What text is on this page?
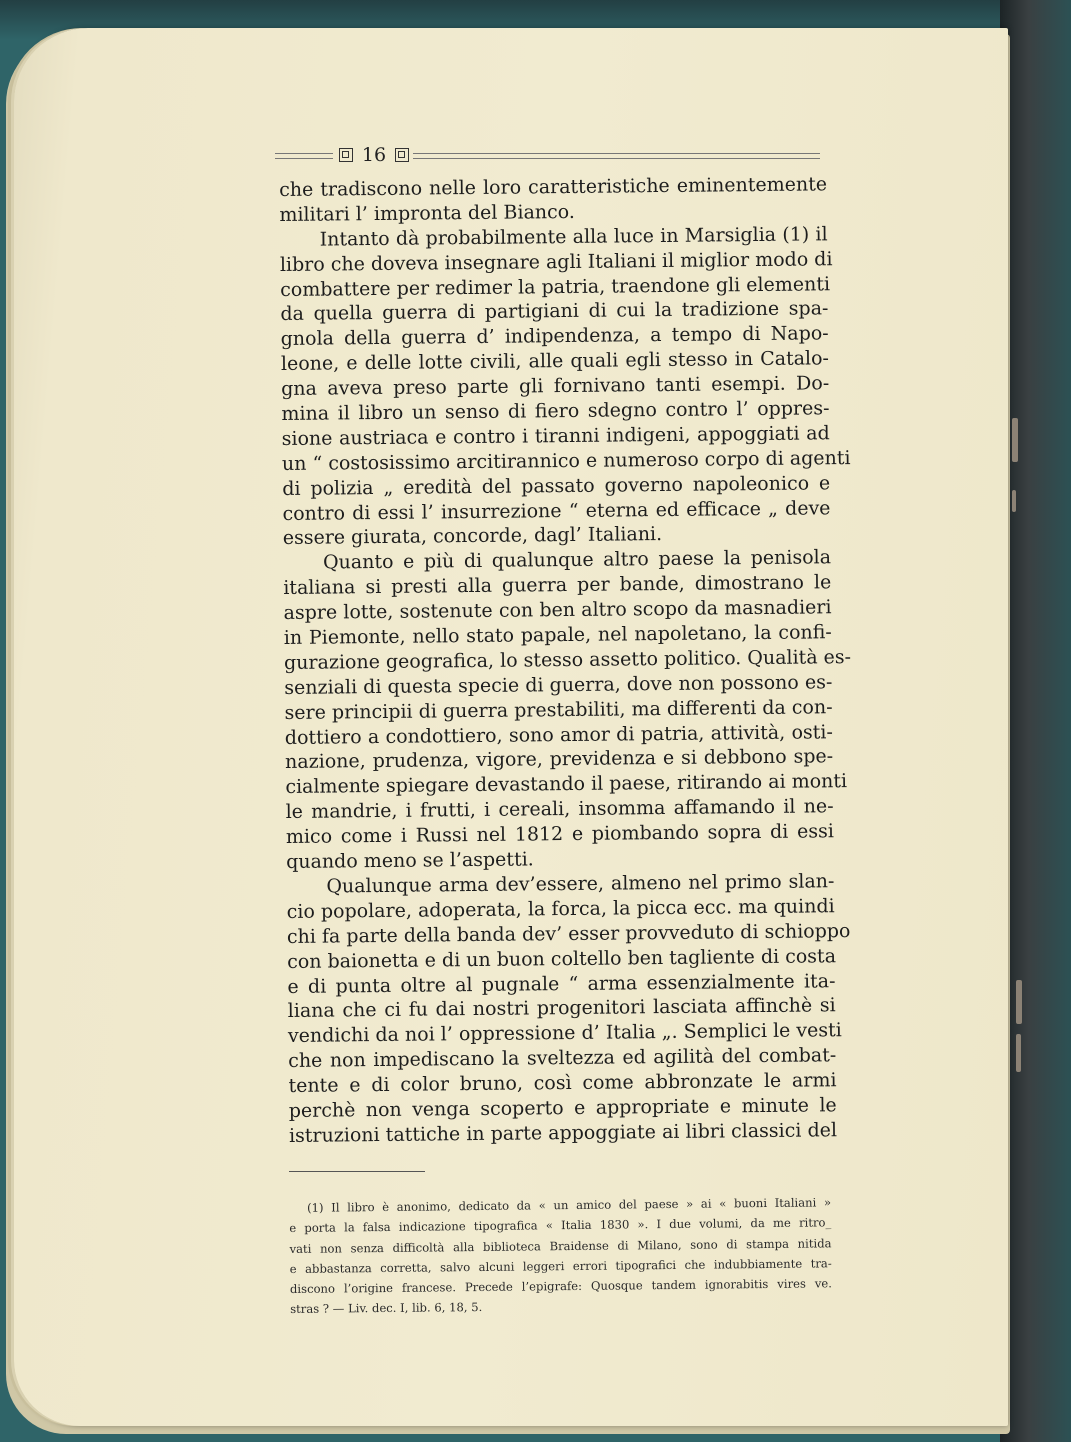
16
che tradiscono nelle loro caratteristiche eminentemente
militari l’ impronta del Bianco.
Intanto dà probabilmente alla luce in Marsiglia (1) il
libro che doveva insegnare agli Italiani il miglior modo di
combattere per redimer la patria, traendone gli elementi
da quella guerra di partigiani di cui la tradizione spa-
gnola della guerra d’ indipendenza, a tempo di Napo-
leone, e delle lotte civili, alle quali egli stesso in Catalo-
gna aveva preso parte gli fornivano tanti esempi. Do-
mina il libro un senso di fiero sdegno contro l’ oppres-
sione austriaca e contro i tiranni indigeni, appoggiati ad
un “ costosissimo arcitirannico e numeroso corpo di agenti
di polizia „ eredità del passato governo napoleonico e
contro di essi l’ insurrezione “ eterna ed efficace „ deve
essere giurata, concorde, dagl’ Italiani.
Quanto e più di qualunque altro paese la penisola
italiana si presti alla guerra per bande, dimostrano le
aspre lotte, sostenute con ben altro scopo da masnadieri
in Piemonte, nello stato papale, nel napoletano, la confi-
gurazione geografica, lo stesso assetto politico. Qualità es-
senziali di questa specie di guerra, dove non possono es-
sere principii di guerra prestabiliti, ma differenti da con-
dottiero a condottiero, sono amor di patria, attività, osti-
nazione, prudenza, vigore, previdenza e si debbono spe-
cialmente spiegare devastando il paese, ritirando ai monti
le mandrie, i frutti, i cereali, insomma affamando il ne-
mico come i Russi nel 1812 e piombando sopra di essi
quando meno se l’aspetti.
Qualunque arma dev’essere, almeno nel primo slan-
cio popolare, adoperata, la forca, la picca ecc. ma quindi
chi fa parte della banda dev’ esser provveduto di schioppo
con baionetta e di un buon coltello ben tagliente di costa
e di punta oltre al pugnale “ arma essenzialmente ita-
liana che ci fu dai nostri progenitori lasciata affinchè si
vendichi da noi l’ oppressione d’ Italia „. Semplici le vesti
che non impediscano la sveltezza ed agilità del combat-
tente e di color bruno, così come abbronzate le armi
perchè non venga scoperto e appropriate e minute le
istruzioni tattiche in parte appoggiate ai libri classici del
(1) Il libro è anonimo, dedicato da « un amico del paese » ai « buoni Italiani »
e porta la falsa indicazione tipografica « Italia 1830 ». I due volumi, da me ritro_
vati non senza difficoltà alla biblioteca Braidense di Milano, sono di stampa nitida
e abbastanza corretta, salvo alcuni leggeri errori tipografici che indubbiamente tra-
discono l’origine francese. Precede l’epigrafe: Quosque tandem ignorabitis vires ve.
stras ? — Liv. dec. I, lib. 6, 18, 5.
